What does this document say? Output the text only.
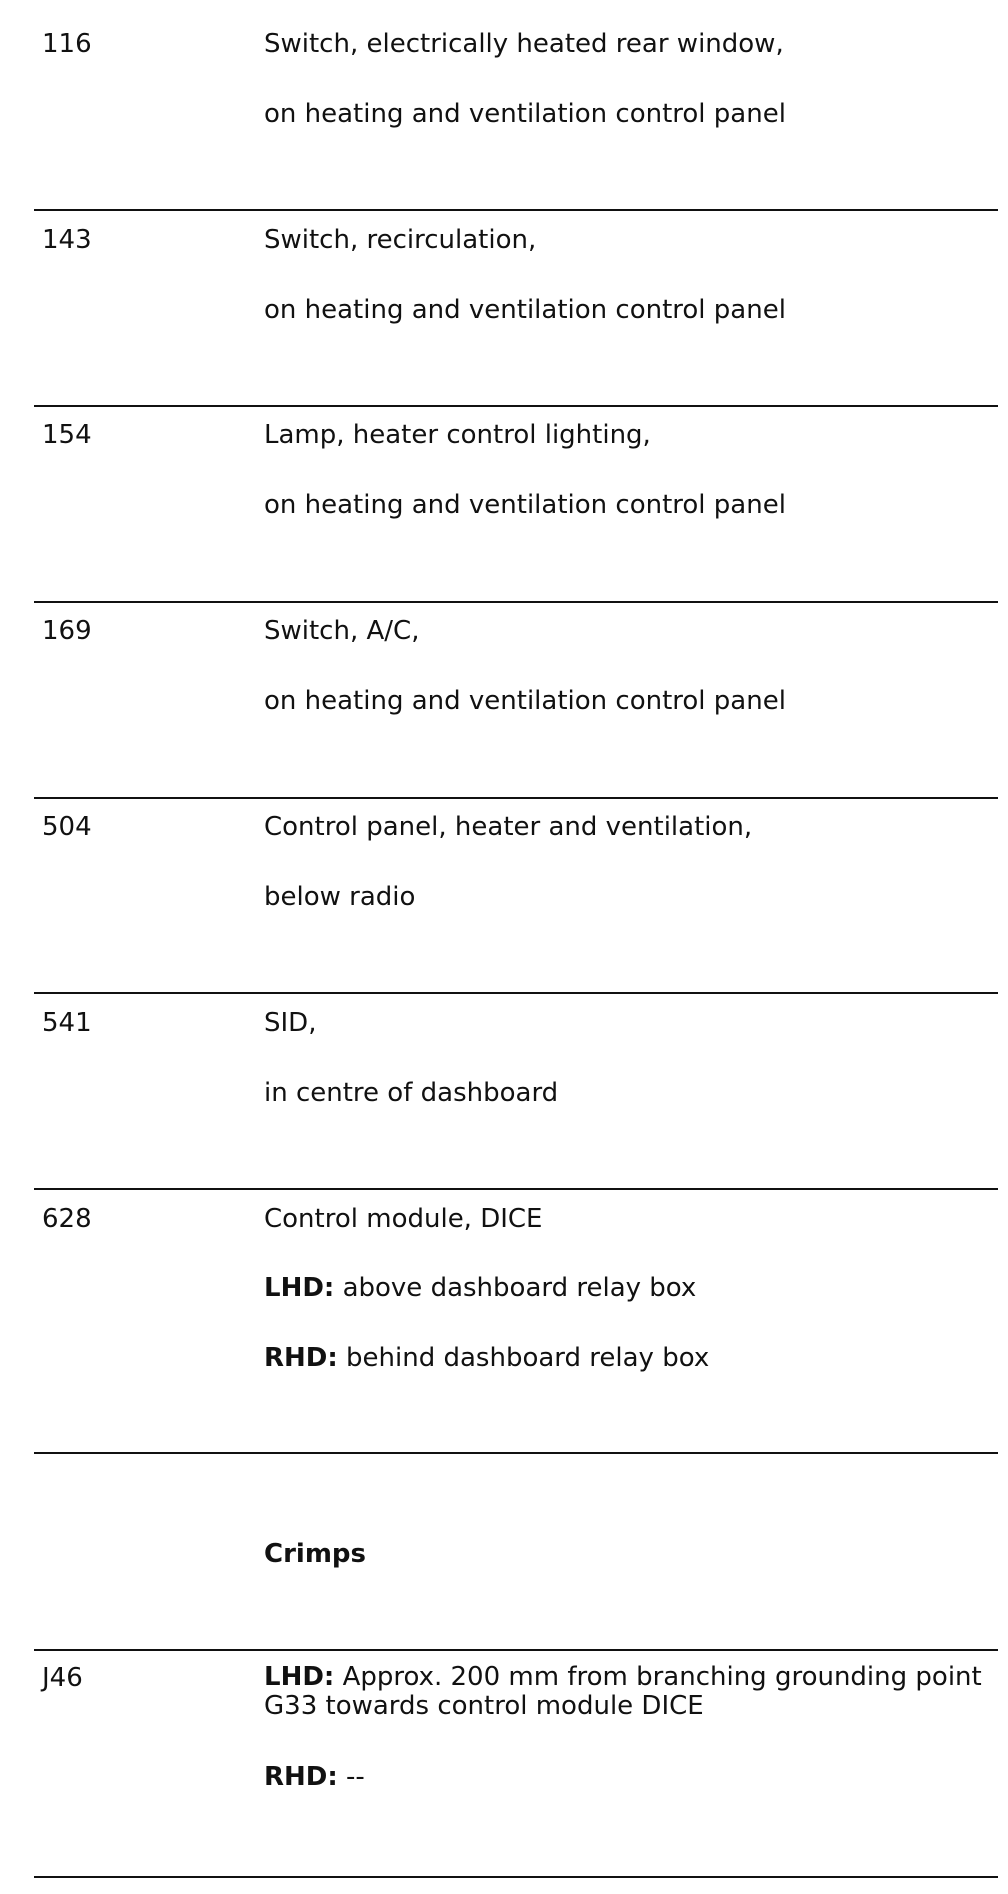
116	Switch, electrically heated rear window,

on heating and ventilation control panel

143	Switch, recirculation,

on heating and ventilation control panel

154	Lamp, heater control lighting,

on heating and ventilation control panel

169	Switch, A/C,

on heating and ventilation control panel

504	Control panel, heater and ventilation,

below radio

541	SID,

in centre of dashboard

628	Control module, DICE

LHD: above dashboard relay box

RHD: behind dashboard relay box

Crimps

J46	LHD: Approx. 200 mm from branching grounding point G33 towards control module DICE

RHD: --
